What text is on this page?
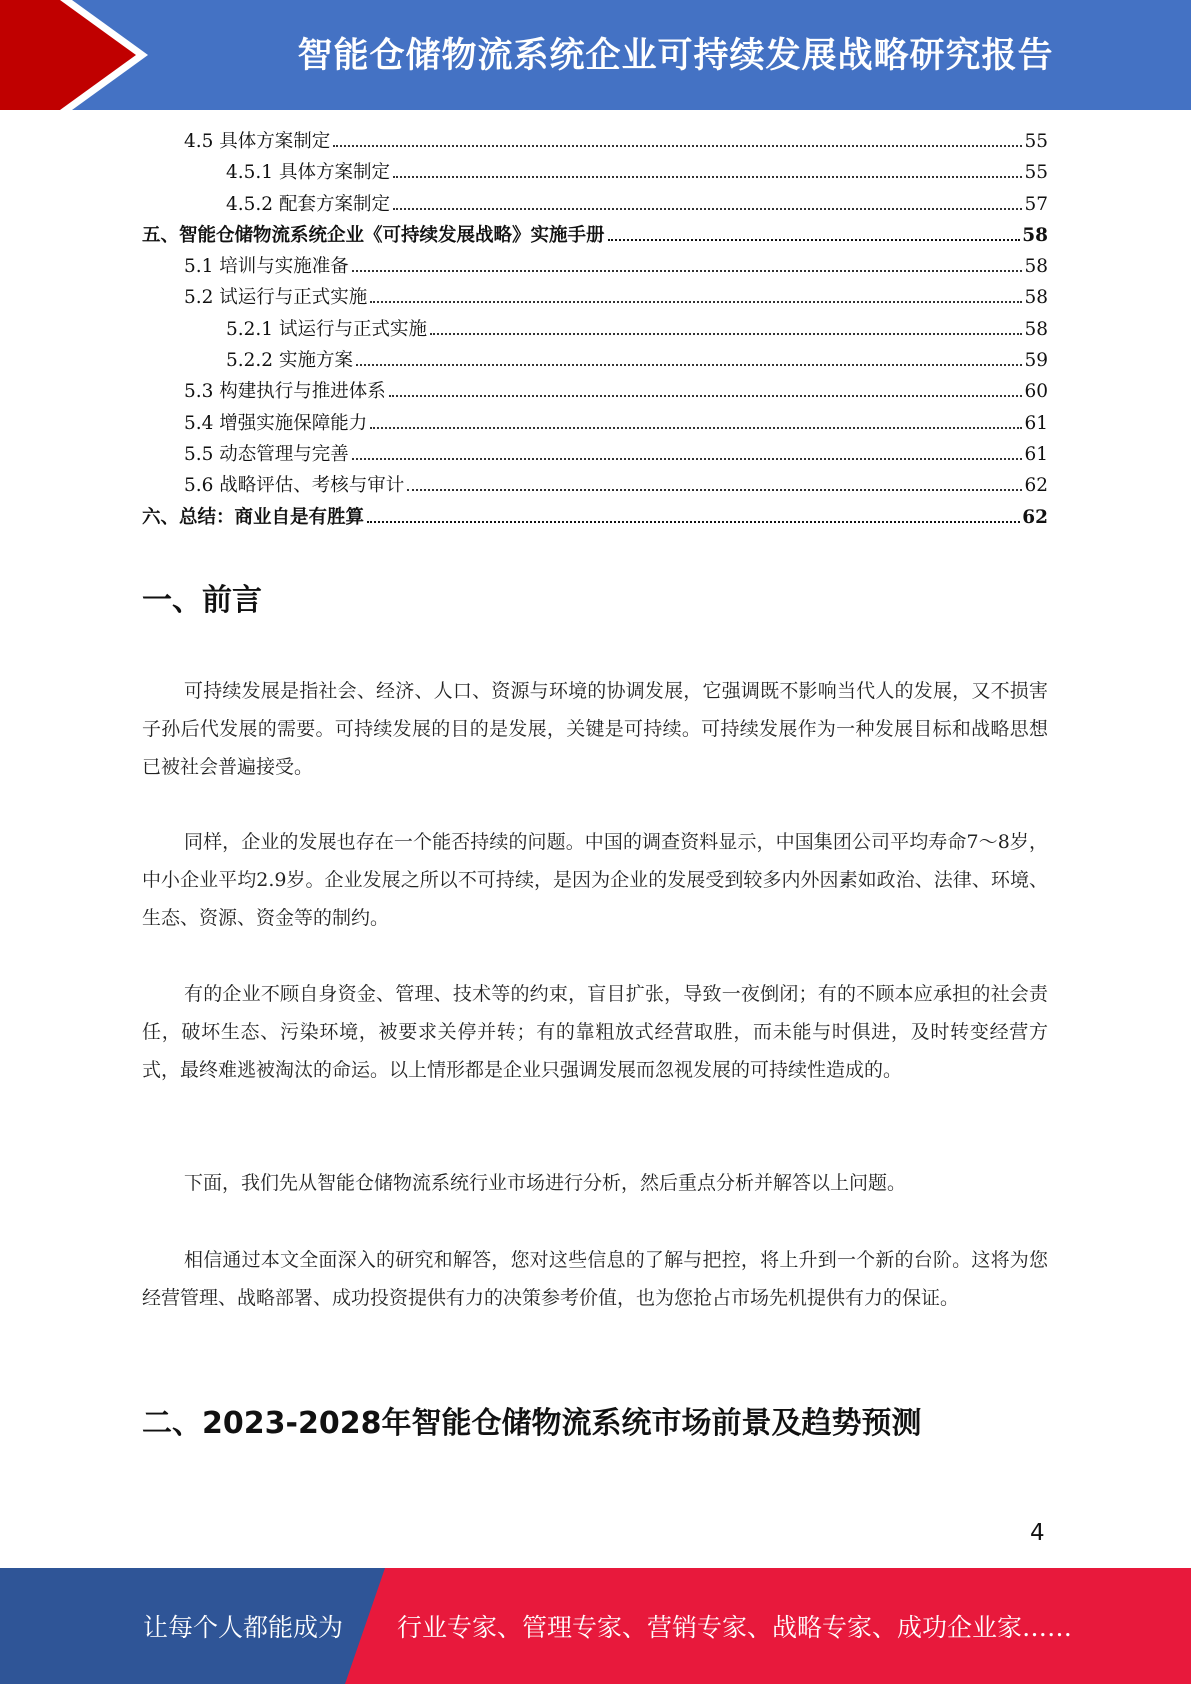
智能仓储物流系统企业可持续发展战略研究报告
4.5 具体方案制定	55
4.5.1 具体方案制定	55
4.5.2 配套方案制定	57
五、智能仓储物流系统企业《可持续发展战略》实施手册	58
5.1 培训与实施准备	58
5.2 试运行与正式实施	58
5.2.1 试运行与正式实施	58
5.2.2 实施方案	59
5.3 构建执行与推进体系	60
5.4 增强实施保障能力	61
5.5 动态管理与完善	61
5.6 战略评估、考核与审计	62
六、总结：商业自是有胜算	62
一、前言
可持续发展是指社会、经济、人口、资源与环境的协调发展，它强调既不影响当代人的发展，又不损害子孙后代发展的需要。可持续发展的目的是发展，关键是可持续。可持续发展作为一种发展目标和战略思想已被社会普遍接受。
同样，企业的发展也存在一个能否持续的问题。中国的调查资料显示，中国集团公司平均寿命7～8岁，中小企业平均2.9岁。企业发展之所以不可持续，是因为企业的发展受到较多内外因素如政治、法律、环境、生态、资源、资金等的制约。
有的企业不顾自身资金、管理、技术等的约束，盲目扩张，导致一夜倒闭；有的不顾本应承担的社会责任，破坏生态、污染环境，被要求关停并转；有的靠粗放式经营取胜，而未能与时俱进，及时转变经营方式，最终难逃被淘汰的命运。以上情形都是企业只强调发展而忽视发展的可持续性造成的。
下面，我们先从智能仓储物流系统行业市场进行分析，然后重点分析并解答以上问题。
相信通过本文全面深入的研究和解答，您对这些信息的了解与把控，将上升到一个新的台阶。这将为您经营管理、战略部署、成功投资提供有力的决策参考价值，也为您抢占市场先机提供有力的保证。
二、2023-2028年智能仓储物流系统市场前景及趋势预测
4
让每个人都能成为 行业专家、管理专家、营销专家、战略专家、成功企业家……
